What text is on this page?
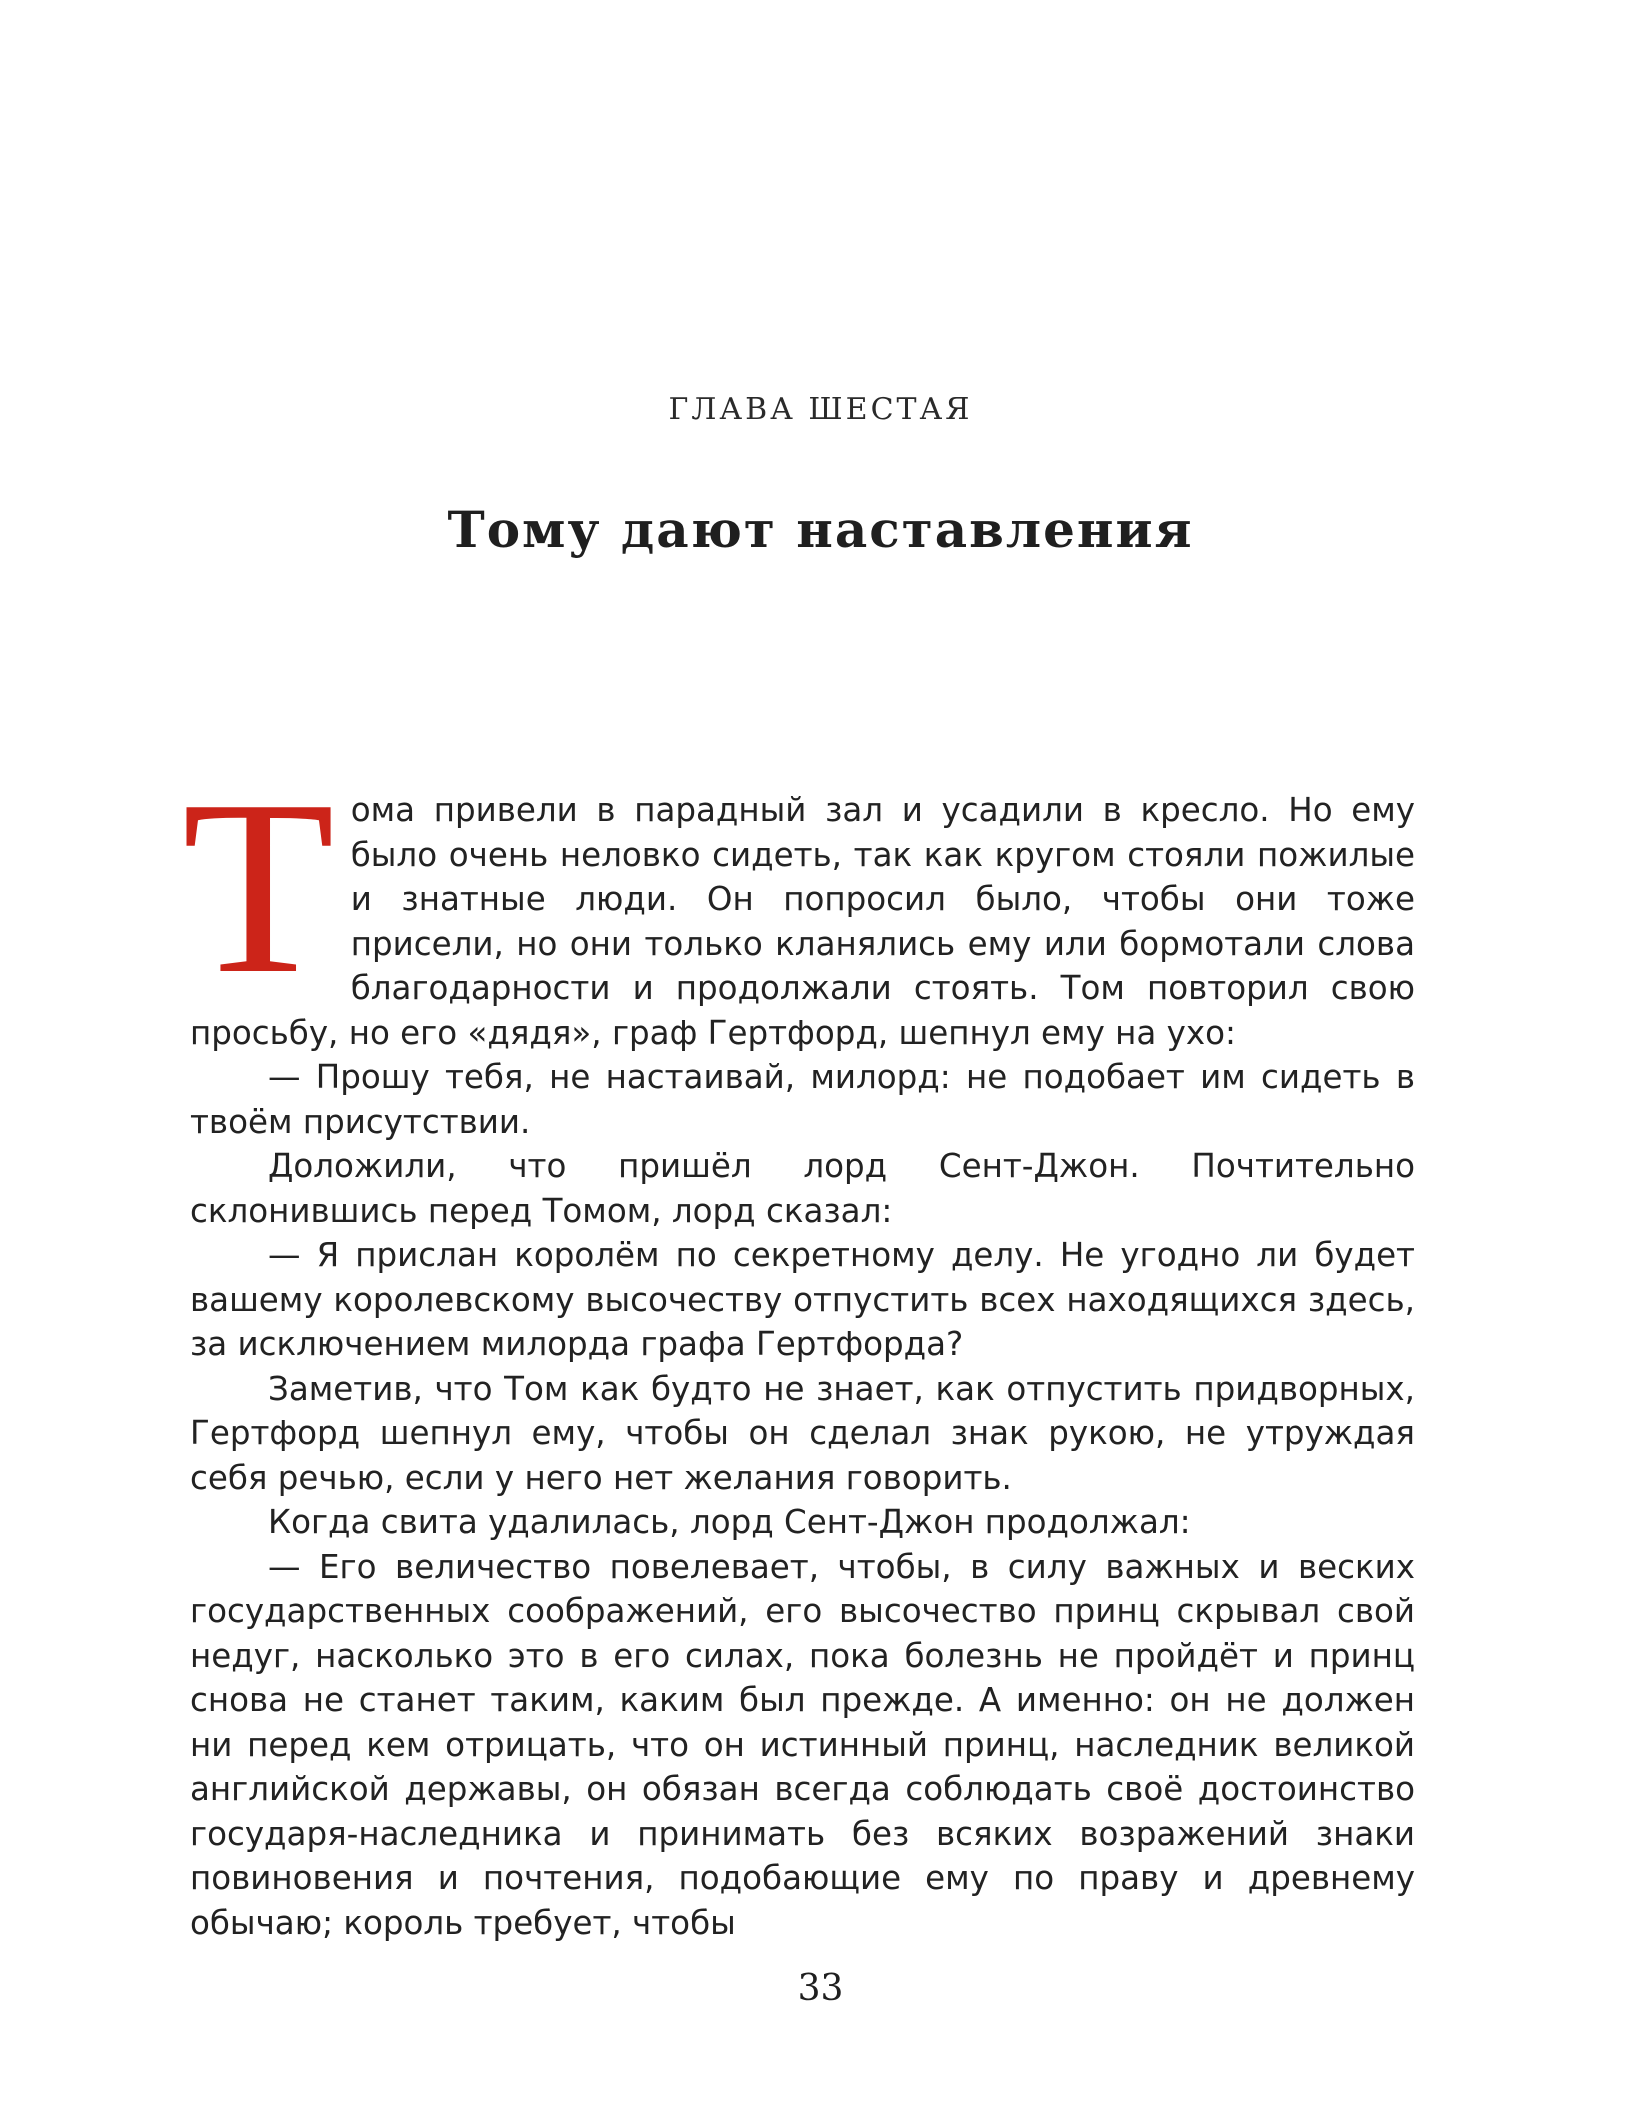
ГЛАВА ШЕСТАЯ
Тому дают наставления
Т ома привели в парадный зал и усадили в кресло. Но ему было очень неловко сидеть, так как кругом стояли пожилые и знатные люди. Он попросил было, чтобы они тоже присели, но они только кланялись ему или бормотали слова благодарности и продолжали стоять. Том повторил свою просьбу, но его «дядя», граф Гертфорд, шепнул ему на ухо:

— Прошу тебя, не настаивай, милорд: не подобает им сидеть в твоём присутствии.

Доложили, что пришёл лорд Сент-Джон. Почтительно склонившись перед Томом, лорд сказал:

— Я прислан королём по секретному делу. Не угодно ли будет вашему королевскому высочеству отпустить всех находящихся здесь, за исключением милорда графа Гертфорда?

Заметив, что Том как будто не знает, как отпустить придворных, Гертфорд шепнул ему, чтобы он сделал знак рукою, не утруждая себя речью, если у него нет желания говорить.

Когда свита удалилась, лорд Сент-Джон продолжал:

— Его величество повелевает, чтобы, в силу важных и веских государственных соображений, его высочество принц скрывал свой недуг, насколько это в его силах, пока болезнь не пройдёт и принц снова не станет таким, каким был прежде. А именно: он не должен ни перед кем отрицать, что он истинный принц, наследник великой английской державы, он обязан всегда соблюдать своё достоинство государя-наследника и принимать без всяких возражений знаки повиновения и почтения, подобающие ему по праву и древнему обычаю; король требует, чтобы

33
